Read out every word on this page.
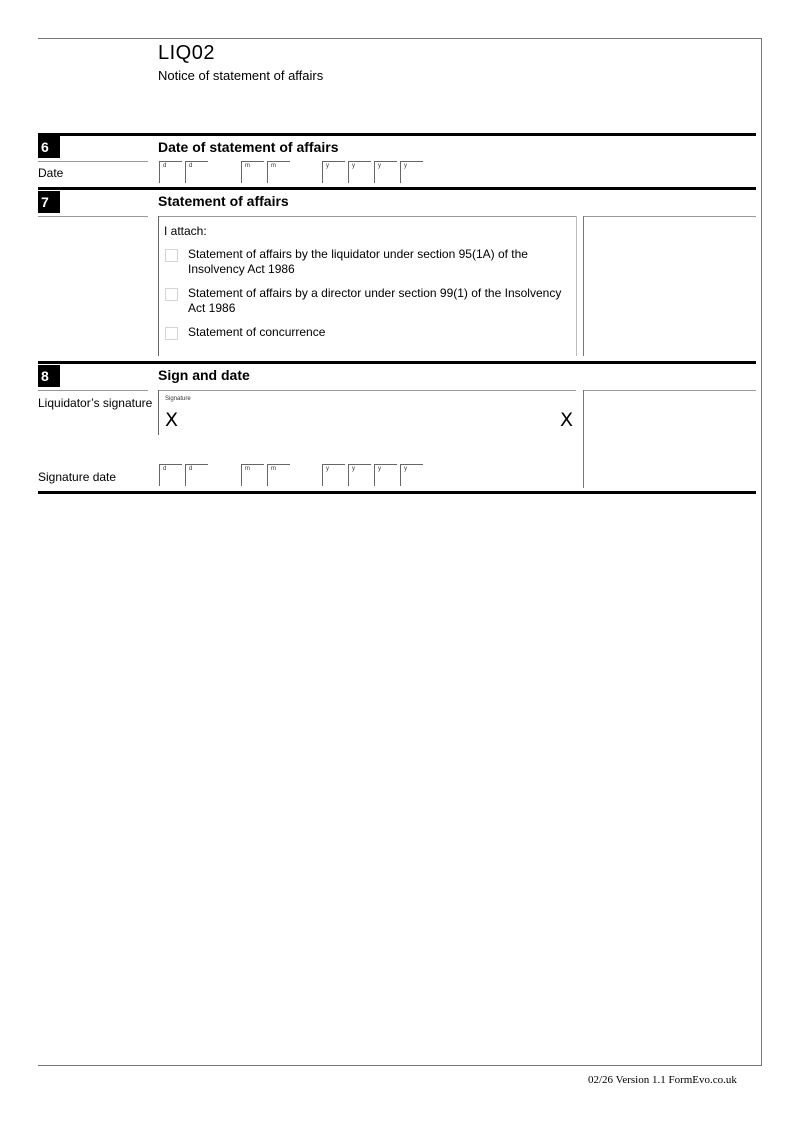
LIQ02
Notice of statement of affairs
6	Date of statement of affairs
Date	d	d	m	m	y	y	y	y
7	Statement of affairs
I attach:
Statement of affairs by the liquidator under section 95(1A) of the
Insolvency Act 1986
Statement of affairs by a director under section 99(1) of the Insolvency
Act 1986
Statement of concurrence
8	Sign and date
Liquidator’s signature Signature
X	X
Signature date
d	d	m	m	y	y	y	y
02/26 Version 1.1 FormEvo.co.uk
